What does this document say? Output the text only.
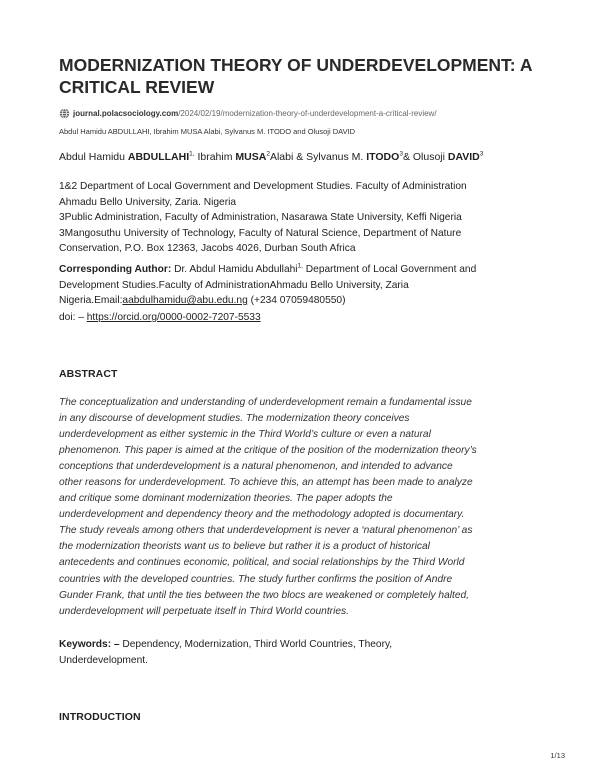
MODERNIZATION THEORY OF UNDERDEVELOPMENT: A
CRITICAL REVIEW
journal.polacsociology.com /2024/02/19/modernization-theory-of-underdevelopment-a-critical-review/
Abdul Hamidu ABDULLAHI, Ibrahim MUSA Alabi, Sylvanus M. ITODO and Olusoji DAVID
Abdul Hamidu $ABDULLAHI^{1,}$ Ibrahim MUSA$^2$Alabi & Sylvanus M. ITODO$^3$& Olusoji DAVID$^3$

1&2 Department of Local Government and Development Studies. Faculty of Administration
Ahmadu Bello University, Zaria. Nigeria
3Public Administration, Faculty of Administration, Nasarawa State University, Keffi Nigeria
3Mangosuthu University of Technology, Faculty of Natural Science, Department of Nature
Conservation, P.O. Box 12363, Jacobs 4026, Durban South Africa

Corresponding Author: Dr. Abdul Hamidu Abdullahi$^{1,}$ Department of Local Government and
Development Studies.Faculty of AdministrationAhmadu Bello University, Zaria
Nigeria.Email:aabdulhamidu@abu.edu.ng (+234 07059480550)

doi: – https://orcid.org/0000-0002-7207-5533
ABSTRACT

The conceptualization and understanding of underdevelopment remain a fundamental issue
in any discourse of development studies. The modernization theory conceives
underdevelopment as either systemic in the Third World’s culture or even a natural
phenomenon. This paper is aimed at the critique of the position of the modernization theory’s
conceptions that underdevelopment is a natural phenomenon, and intended to advance
other reasons for underdevelopment. To achieve this, an attempt has been made to analyze
and critique some dominant modernization theories. The paper adopts the
underdevelopment and dependency theory and the methodology adopted is documentary.
The study reveals among others that underdevelopment is never a ‘natural phenomenon’ as
the modernization theorists want us to believe but rather it is a product of historical
antecedents and continues economic, political, and social relationships by the Third World
countries with the developed countries. The study further confirms the position of Andre
Gunder Frank, that until the ties between the two blocs are weakened or completely halted,
underdevelopment will perpetuate itself in Third World countries.

Keywords: – Dependency, Modernization, Third World Countries, Theory,
Underdevelopment.

INTRODUCTION
1/13
